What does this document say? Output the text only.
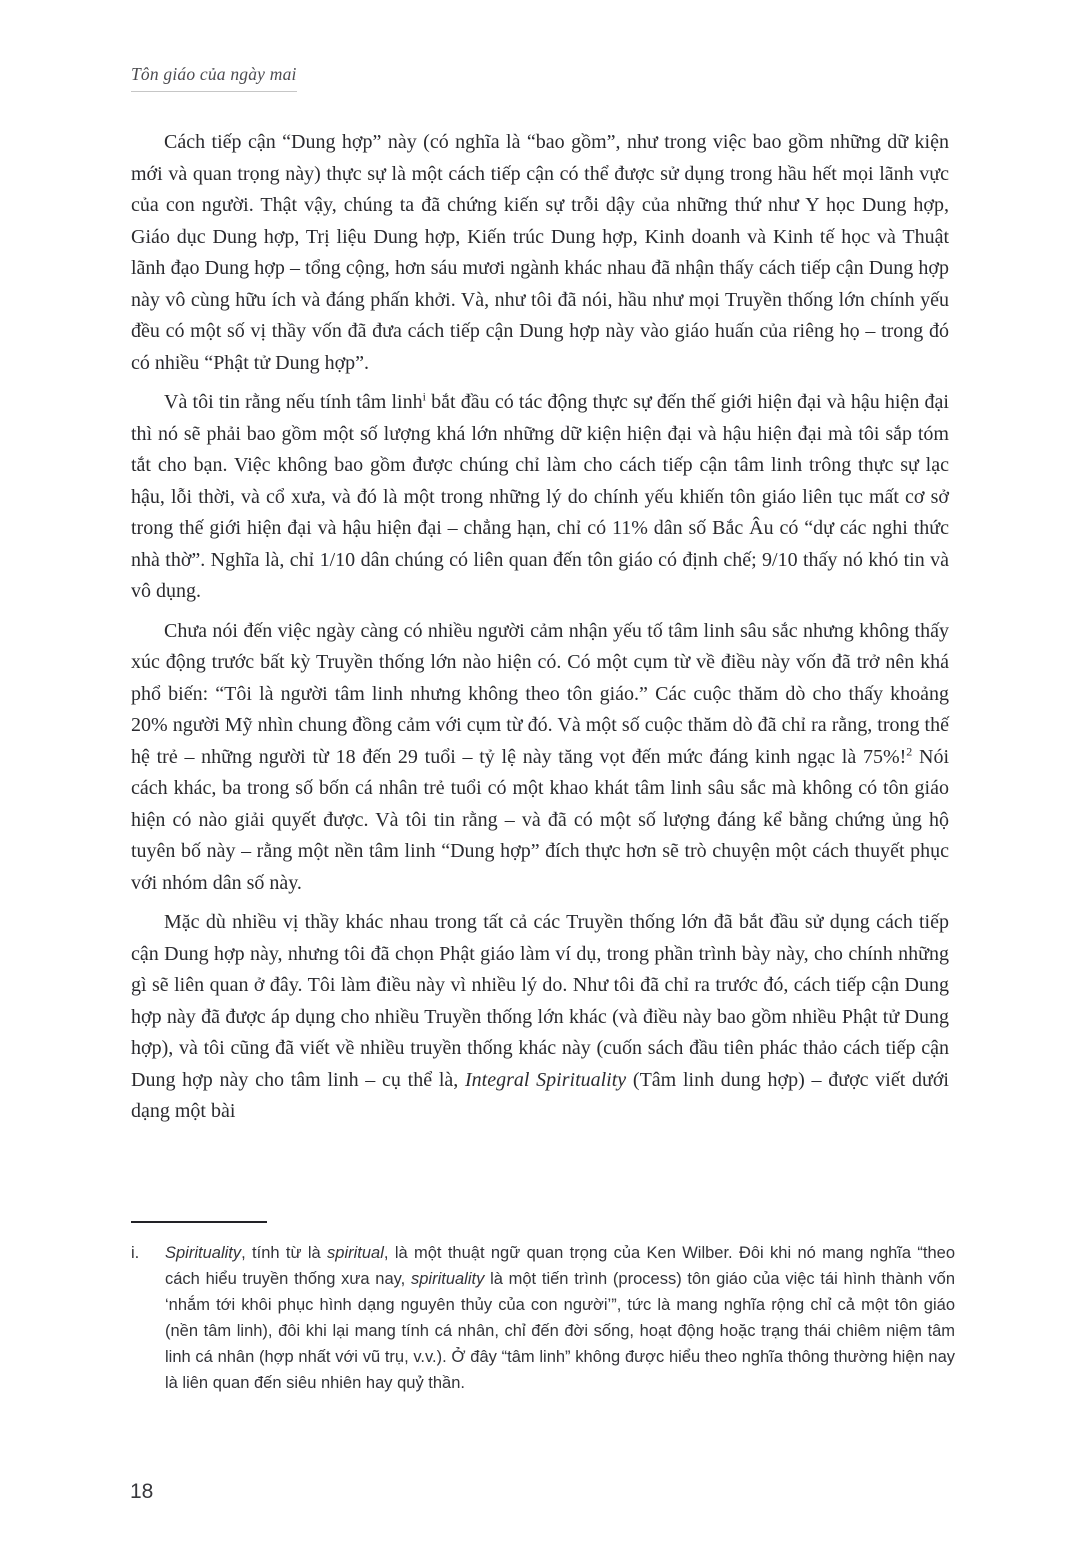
Tôn giáo của ngày mai

Cách tiếp cận “Dung hợp” này (có nghĩa là “bao gồm”, như trong việc bao gồm những dữ kiện mới và quan trọng này) thực sự là một cách tiếp cận có thể được sử dụng trong hầu hết mọi lãnh vực của con người. Thật vậy, chúng ta đã chứng kiến sự trỗi dậy của những thứ như Y học Dung hợp, Giáo dục Dung hợp, Trị liệu Dung hợp, Kiến trúc Dung hợp, Kinh doanh và Kinh tế học và Thuật lãnh đạo Dung hợp – tổng cộng, hơn sáu mươi ngành khác nhau đã nhận thấy cách tiếp cận Dung hợp này vô cùng hữu ích và đáng phấn khởi. Và, như tôi đã nói, hầu như mọi Truyền thống lớn chính yếu đều có một số vị thầy vốn đã đưa cách tiếp cận Dung hợp này vào giáo huấn của riêng họ – trong đó có nhiều “Phật tử Dung hợp”.

Và tôi tin rằng nếu tính tâm linh$^i$ bắt đầu có tác động thực sự đến thế giới hiện đại và hậu hiện đại thì nó sẽ phải bao gồm một số lượng khá lớn những dữ kiện hiện đại và hậu hiện đại mà tôi sắp tóm tắt cho bạn. Việc không bao gồm được chúng chỉ làm cho cách tiếp cận tâm linh trông thực sự lạc hậu, lỗi thời, và cổ xưa, và đó là một trong những lý do chính yếu khiến tôn giáo liên tục mất cơ sở trong thế giới hiện đại và hậu hiện đại – chẳng hạn, chỉ có 11% dân số Bắc Âu có “dự các nghi thức nhà thờ”. Nghĩa là, chỉ 1/10 dân chúng có liên quan đến tôn giáo có định chế; 9/10 thấy nó khó tin và vô dụng.

Chưa nói đến việc ngày càng có nhiều người cảm nhận yếu tố tâm linh sâu sắc nhưng không thấy xúc động trước bất kỳ Truyền thống lớn nào hiện có. Có một cụm từ về điều này vốn đã trở nên khá phổ biến: “Tôi là người tâm linh nhưng không theo tôn giáo.” Các cuộc thăm dò cho thấy khoảng 20% người Mỹ nhìn chung đồng cảm với cụm từ đó. Và một số cuộc thăm dò đã chỉ ra rằng, trong thế hệ trẻ – những người từ 18 đến 29 tuổi – tỷ lệ này tăng vọt đến mức đáng kinh ngạc là 75%!$^2$ Nói cách khác, ba trong số bốn cá nhân trẻ tuổi có một khao khát tâm linh sâu sắc mà không có tôn giáo hiện có nào giải quyết được. Và tôi tin rằng – và đã có một số lượng đáng kể bằng chứng ủng hộ tuyên bố này – rằng một nền tâm linh “Dung hợp” đích thực hơn sẽ trò chuyện một cách thuyết phục với nhóm dân số này.

Mặc dù nhiều vị thầy khác nhau trong tất cả các Truyền thống lớn đã bắt đầu sử dụng cách tiếp cận Dung hợp này, nhưng tôi đã chọn Phật giáo làm ví dụ, trong phần trình bày này, cho chính những gì sẽ liên quan ở đây. Tôi làm điều này vì nhiều lý do. Như tôi đã chỉ ra trước đó, cách tiếp cận Dung hợp này đã được áp dụng cho nhiều Truyền thống lớn khác (và điều này bao gồm nhiều Phật tử Dung hợp), và tôi cũng đã viết về nhiều truyền thống khác này (cuốn sách đầu tiên phác thảo cách tiếp cận Dung hợp này cho tâm linh – cụ thể là, Integral Spirituality (Tâm linh dung hợp) – được viết dưới dạng một bài

i.	Spirituality, tính từ là spiritual, là một thuật ngữ quan trọng của Ken Wilber. Đôi khi nó mang nghĩa “theo cách hiểu truyền thống xưa nay, spirituality là một tiến trình (process) tôn giáo của việc tái hình thành vốn ‘nhắm tới khôi phục hình dạng nguyên thủy của con người’”, tức là mang nghĩa rộng chỉ cả một tôn giáo (nền tâm linh), đôi khi lại mang tính cá nhân, chỉ đến đời sống, hoạt động hoặc trạng thái chiêm niệm tâm linh cá nhân (hợp nhất với vũ trụ, v.v.). Ở đây “tâm linh” không được hiểu theo nghĩa thông thường hiện nay là liên quan đến siêu nhiên hay quỷ thần.
18
